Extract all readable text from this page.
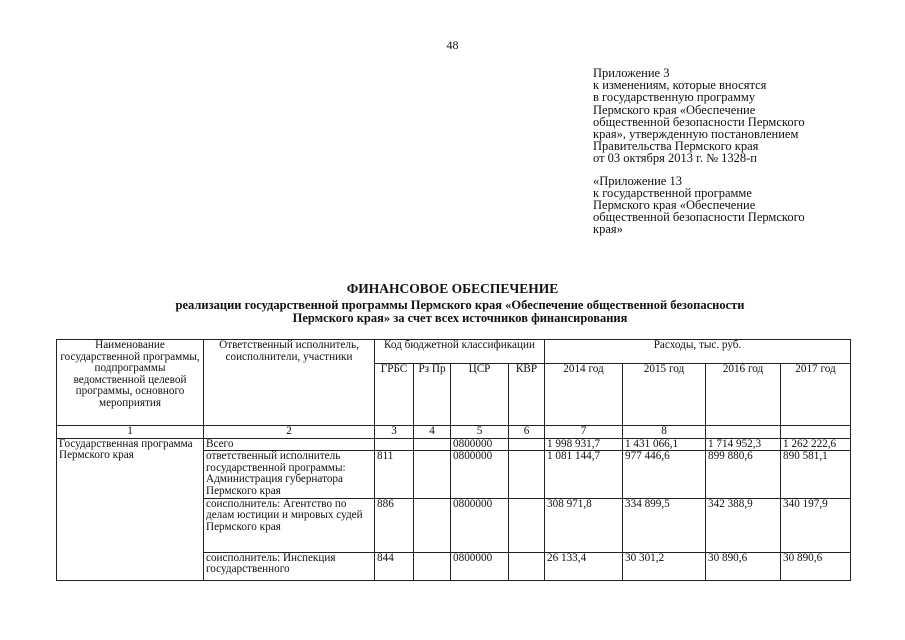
48
Приложение 3
к изменениям, которые вносятся
в государственную программу
Пермского края «Обеспечение
общественной безопасности Пермского
края», утвержденную постановлением
Правительства Пермского края
от 03 октября 2013 г. № 1328-п
«Приложение 13
к государственной программе
Пермского края «Обеспечение
общественной безопасности Пермского
края»
ФИНАНСОВОЕ ОБЕСПЕЧЕНИЕ
реализации государственной программы Пермского края «Обеспечение общественной безопасности
Пермского края» за счет всех источников финансирования
Наименование государственной программы, подпрограммы ведомственной целевой программы, основного мероприятия	Ответственный исполнитель, соисполнители, участники	Код бюджетной классификации				Расходы, тыс. руб.			
		ГРБС	Рз Пр	ЦСР	КВР	2014 год	2015 год	2016 год	2017 год
1	2	3	4	5	6	7	8		
Государственная программа Пермского края	Всего			0800000		1 998 931,7	1 431 066,1	1 714 952,3	1 262 222,6
	ответственный исполнитель государственной программы: Администрация губернатора Пермского края	811		0800000		1 081 144,7	977 446,6	899 880,6	890 581,1
	соисполнитель: Агентство по делам юстиции и мировых судей Пермского края	886		0800000		308 971,8	334 899,5	342 388,9	340 197,9
	соисполнитель: Инспекция государственного	844		0800000		26 133,4	30 301,2	30 890,6	30 890,6
